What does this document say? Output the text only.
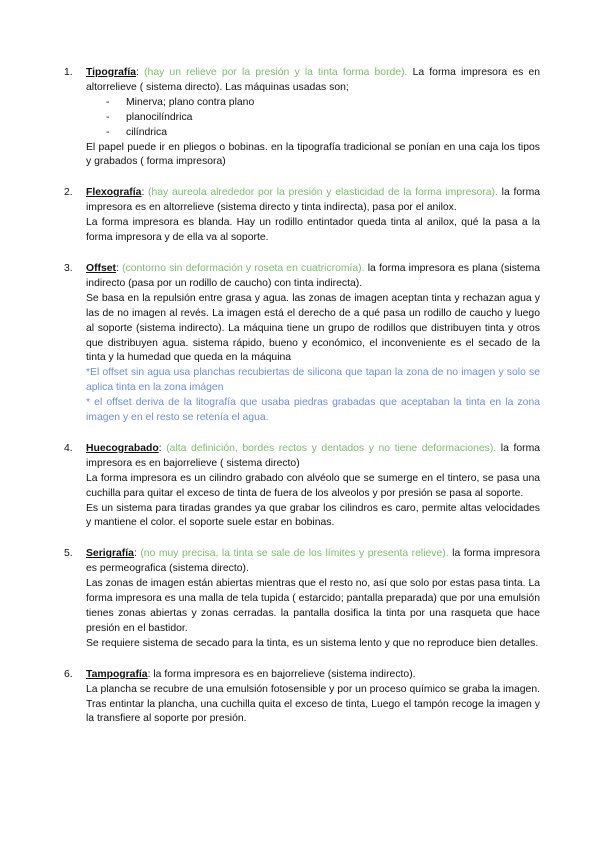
1. Tipografía: (hay un relieve por la presión y la tinta forma borde). La forma impresora es en altorrelieve ( sistema directo). Las máquinas usadas son;

- Minerva; plano contra plano
- planocilíndrica
- cilíndrica

El papel puede ir en pliegos o bobinas. en la tipografía tradicional se ponían en una caja los tipos y grabados ( forma impresora)

2. Flexografía: (hay aureola alrededor por la presión y elasticidad de la forma impresora). la forma impresora es en altorrelieve (sistema directo y tinta indirecta), pasa por el anilox.

La forma impresora es blanda. Hay un rodillo entintador queda tinta al anilox, qué la pasa a la forma impresora y de ella va al soporte.

3. Offset: (contorno sin deformación y roseta en cuatricromía). la forma impresora es plana (sistema indirecto (pasa por un rodillo de caucho) con tinta indirecta).

Se basa en la repulsión entre grasa y agua. las zonas de imagen aceptan tinta y rechazan agua y las de no imagen al revés. La imagen está el derecho de a qué pasa un rodillo de caucho y luego al soporte (sistema indirecto). La máquina tiene un grupo de rodillos que distribuyen tinta y otros que distribuyen agua. sistema rápido, bueno y económico, el inconveniente es el secado de la tinta y la humedad que queda en la máquina

*El offset sin agua usa planchas recubiertas de silicona que tapan la zona de no imagen y solo se aplica tinta en la zona imágen

* el offset deriva de la litografía que usaba piedras grabadas que aceptaban la tinta en la zona imagen y en el resto se retenía el agua.

4. Huecograbado: (alta definición, bordes rectos y dentados y no tiene deformaciones). la forma impresora es en bajorrelieve ( sistema directo)

La forma impresora es un cilindro grabado con alvéolo que se sumerge en el tintero, se pasa una cuchilla para quitar el exceso de tinta de fuera de los alveolos y por presión se pasa al soporte.

Es un sistema para tiradas grandes ya que grabar los cilindros es caro, permite altas velocidades y mantiene el color. el soporte suele estar en bobinas.

5. Serigrafía: (no muy precisa, la tinta se sale de los límites y presenta relieve). la forma impresora es permeografica (sistema directo).

Las zonas de imagen están abiertas mientras que el resto no, así que solo por estas pasa tinta. La forma impresora es una malla de tela tupida ( estarcido; pantalla preparada) que por una emulsión tienes zonas abiertas y zonas cerradas. la pantalla dosifica la tinta por una rasqueta que hace presión en el bastidor.

Se requiere sistema de secado para la tinta, es un sistema lento y que no reproduce bien detalles.

6. Tampografía: la forma impresora es en bajorrelieve (sistema indirecto).

La plancha se recubre de una emulsión fotosensible y por un proceso químico se graba la imagen. Tras entintar la plancha, una cuchilla quita el exceso de tinta, Luego el tampón recoge la imagen y la transfiere al soporte por presión.
